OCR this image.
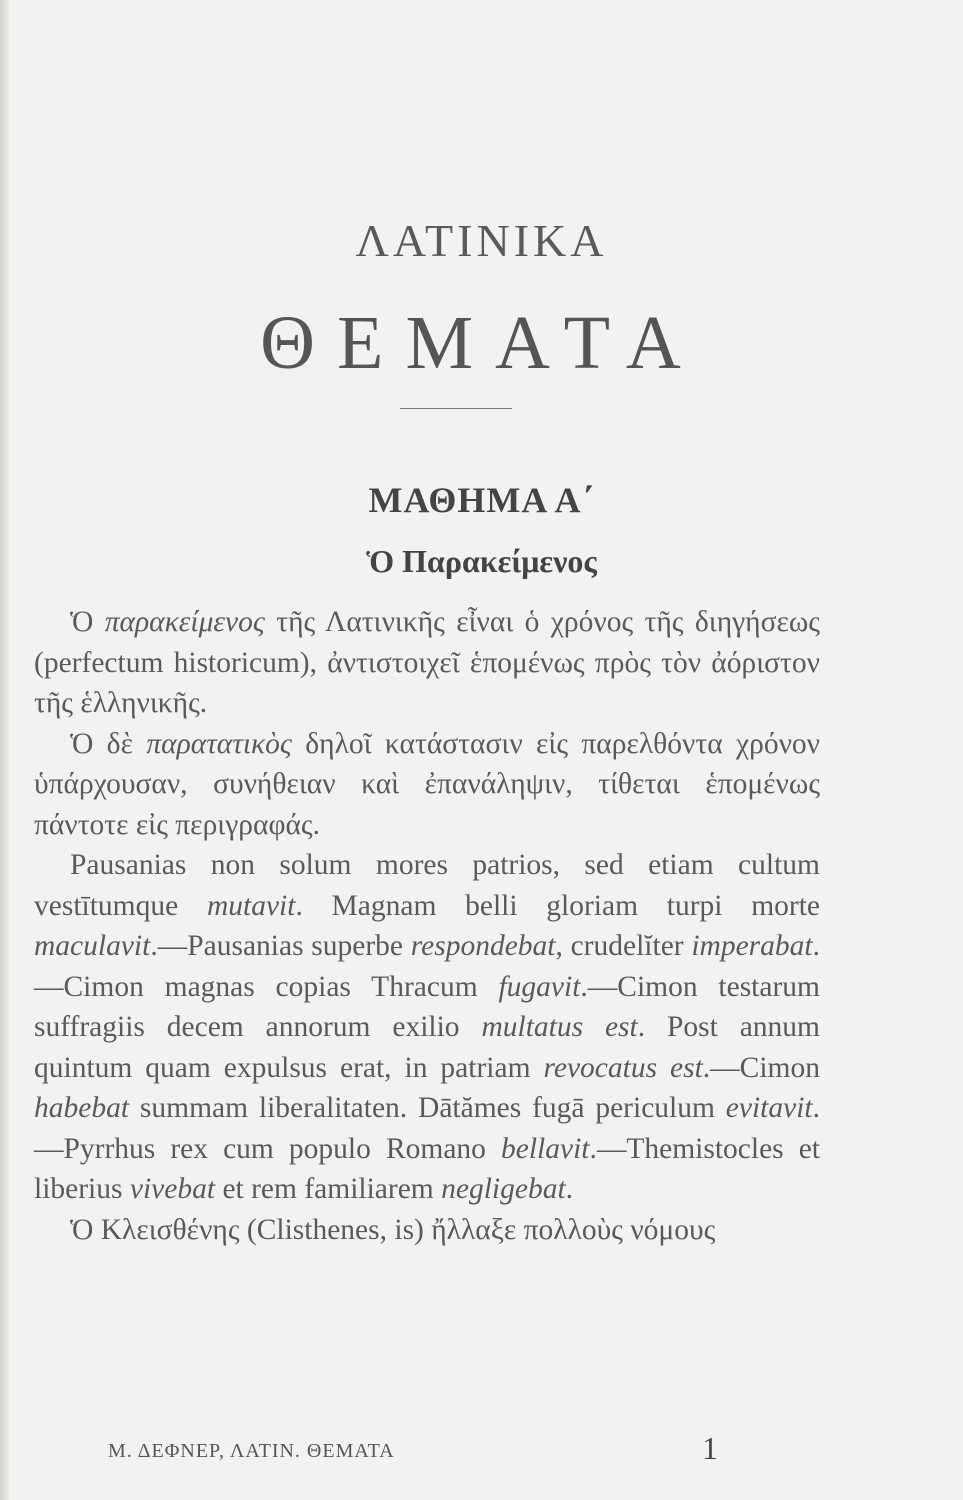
ΛΑΤΙΝΙΚΑ
ΘΕΜΑΤΑ
ΜΑΘΗΜΑ Α΄
Ὁ Παρακείμενος

Ὁ παρακείμενος τῆς Λατινικῆς εἶναι ὁ χρόνος τῆς διηγήσεως (perfectum historicum), ἀντιστοιχεῖ ἑπομένως πρὸς τὸν ἀόριστον τῆς ἑλληνικῆς.

Ὁ δὲ παρατατικὸς δηλοῖ κατάστασιν εἰς παρελθόντα χρόνον ὑπάρχουσαν, συνήθειαν καὶ ἐπανάληψιν, τίθεται ἑπομένως πάντοτε εἰς περιγραφάς.

Pausanias non solum mores patrios, sed etiam cultum vestītumque mutavit. Magnam belli gloriam turpi morte maculavit.—Pausanias superbe respondebat, crudelĭter imperabat.—Cimon magnas copias Thracum fugavit.—Cimon testarum suffragiis decem annorum exilio multatus est. Post annum quintum quam expulsus erat, in patriam revocatus est.—Cimon habebat summam liberalitaten. Dātămes fugā periculum evitavit.—Pyrrhus rex cum populo Romano bellavit.—Themistocles et liberius vivebat et rem familiarem negligebat.

Ὁ Κλεισθένης (Clisthenes, is) ἤλλαξε πολλοὺς νόμους

Μ. ΔΕΦΝΕΡ, ΛΑΤΙΝ. ΘΕΜΑΤΑ	1
